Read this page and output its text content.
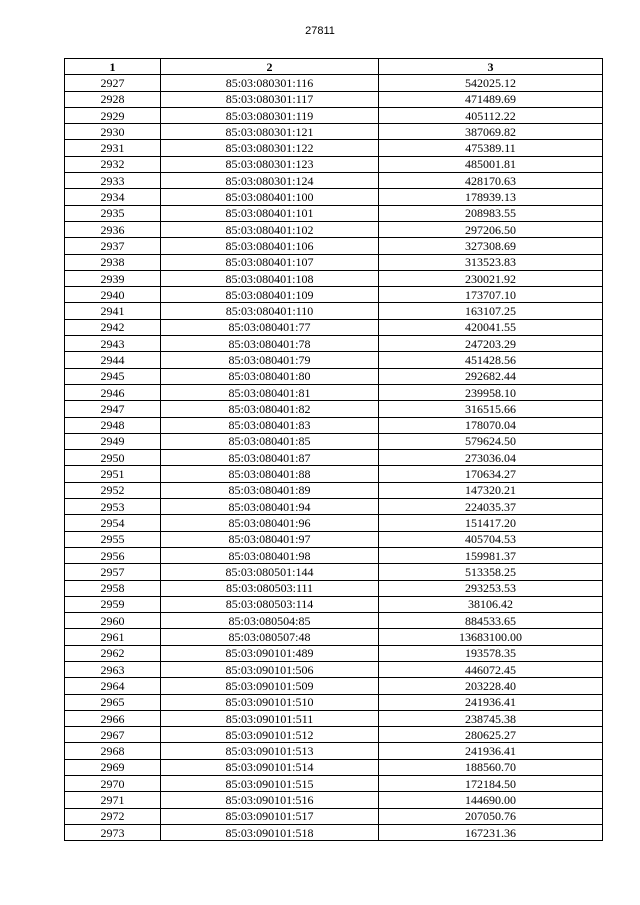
27811
1	2	3
2927	85:03:080301:116	542025.12
2928	85:03:080301:117	471489.69
2929	85:03:080301:119	405112.22
2930	85:03:080301:121	387069.82
2931	85:03:080301:122	475389.11
2932	85:03:080301:123	485001.81
2933	85:03:080301:124	428170.63
2934	85:03:080401:100	178939.13
2935	85:03:080401:101	208983.55
2936	85:03:080401:102	297206.50
2937	85:03:080401:106	327308.69
2938	85:03:080401:107	313523.83
2939	85:03:080401:108	230021.92
2940	85:03:080401:109	173707.10
2941	85:03:080401:110	163107.25
2942	85:03:080401:77	420041.55
2943	85:03:080401:78	247203.29
2944	85:03:080401:79	451428.56
2945	85:03:080401:80	292682.44
2946	85:03:080401:81	239958.10
2947	85:03:080401:82	316515.66
2948	85:03:080401:83	178070.04
2949	85:03:080401:85	579624.50
2950	85:03:080401:87	273036.04
2951	85:03:080401:88	170634.27
2952	85:03:080401:89	147320.21
2953	85:03:080401:94	224035.37
2954	85:03:080401:96	151417.20
2955	85:03:080401:97	405704.53
2956	85:03:080401:98	159981.37
2957	85:03:080501:144	513358.25
2958	85:03:080503:111	293253.53
2959	85:03:080503:114	38106.42
2960	85:03:080504:85	884533.65
2961	85:03:080507:48	13683100.00
2962	85:03:090101:489	193578.35
2963	85:03:090101:506	446072.45
2964	85:03:090101:509	203228.40
2965	85:03:090101:510	241936.41
2966	85:03:090101:511	238745.38
2967	85:03:090101:512	280625.27
2968	85:03:090101:513	241936.41
2969	85:03:090101:514	188560.70
2970	85:03:090101:515	172184.50
2971	85:03:090101:516	144690.00
2972	85:03:090101:517	207050.76
2973	85:03:090101:518	167231.36
